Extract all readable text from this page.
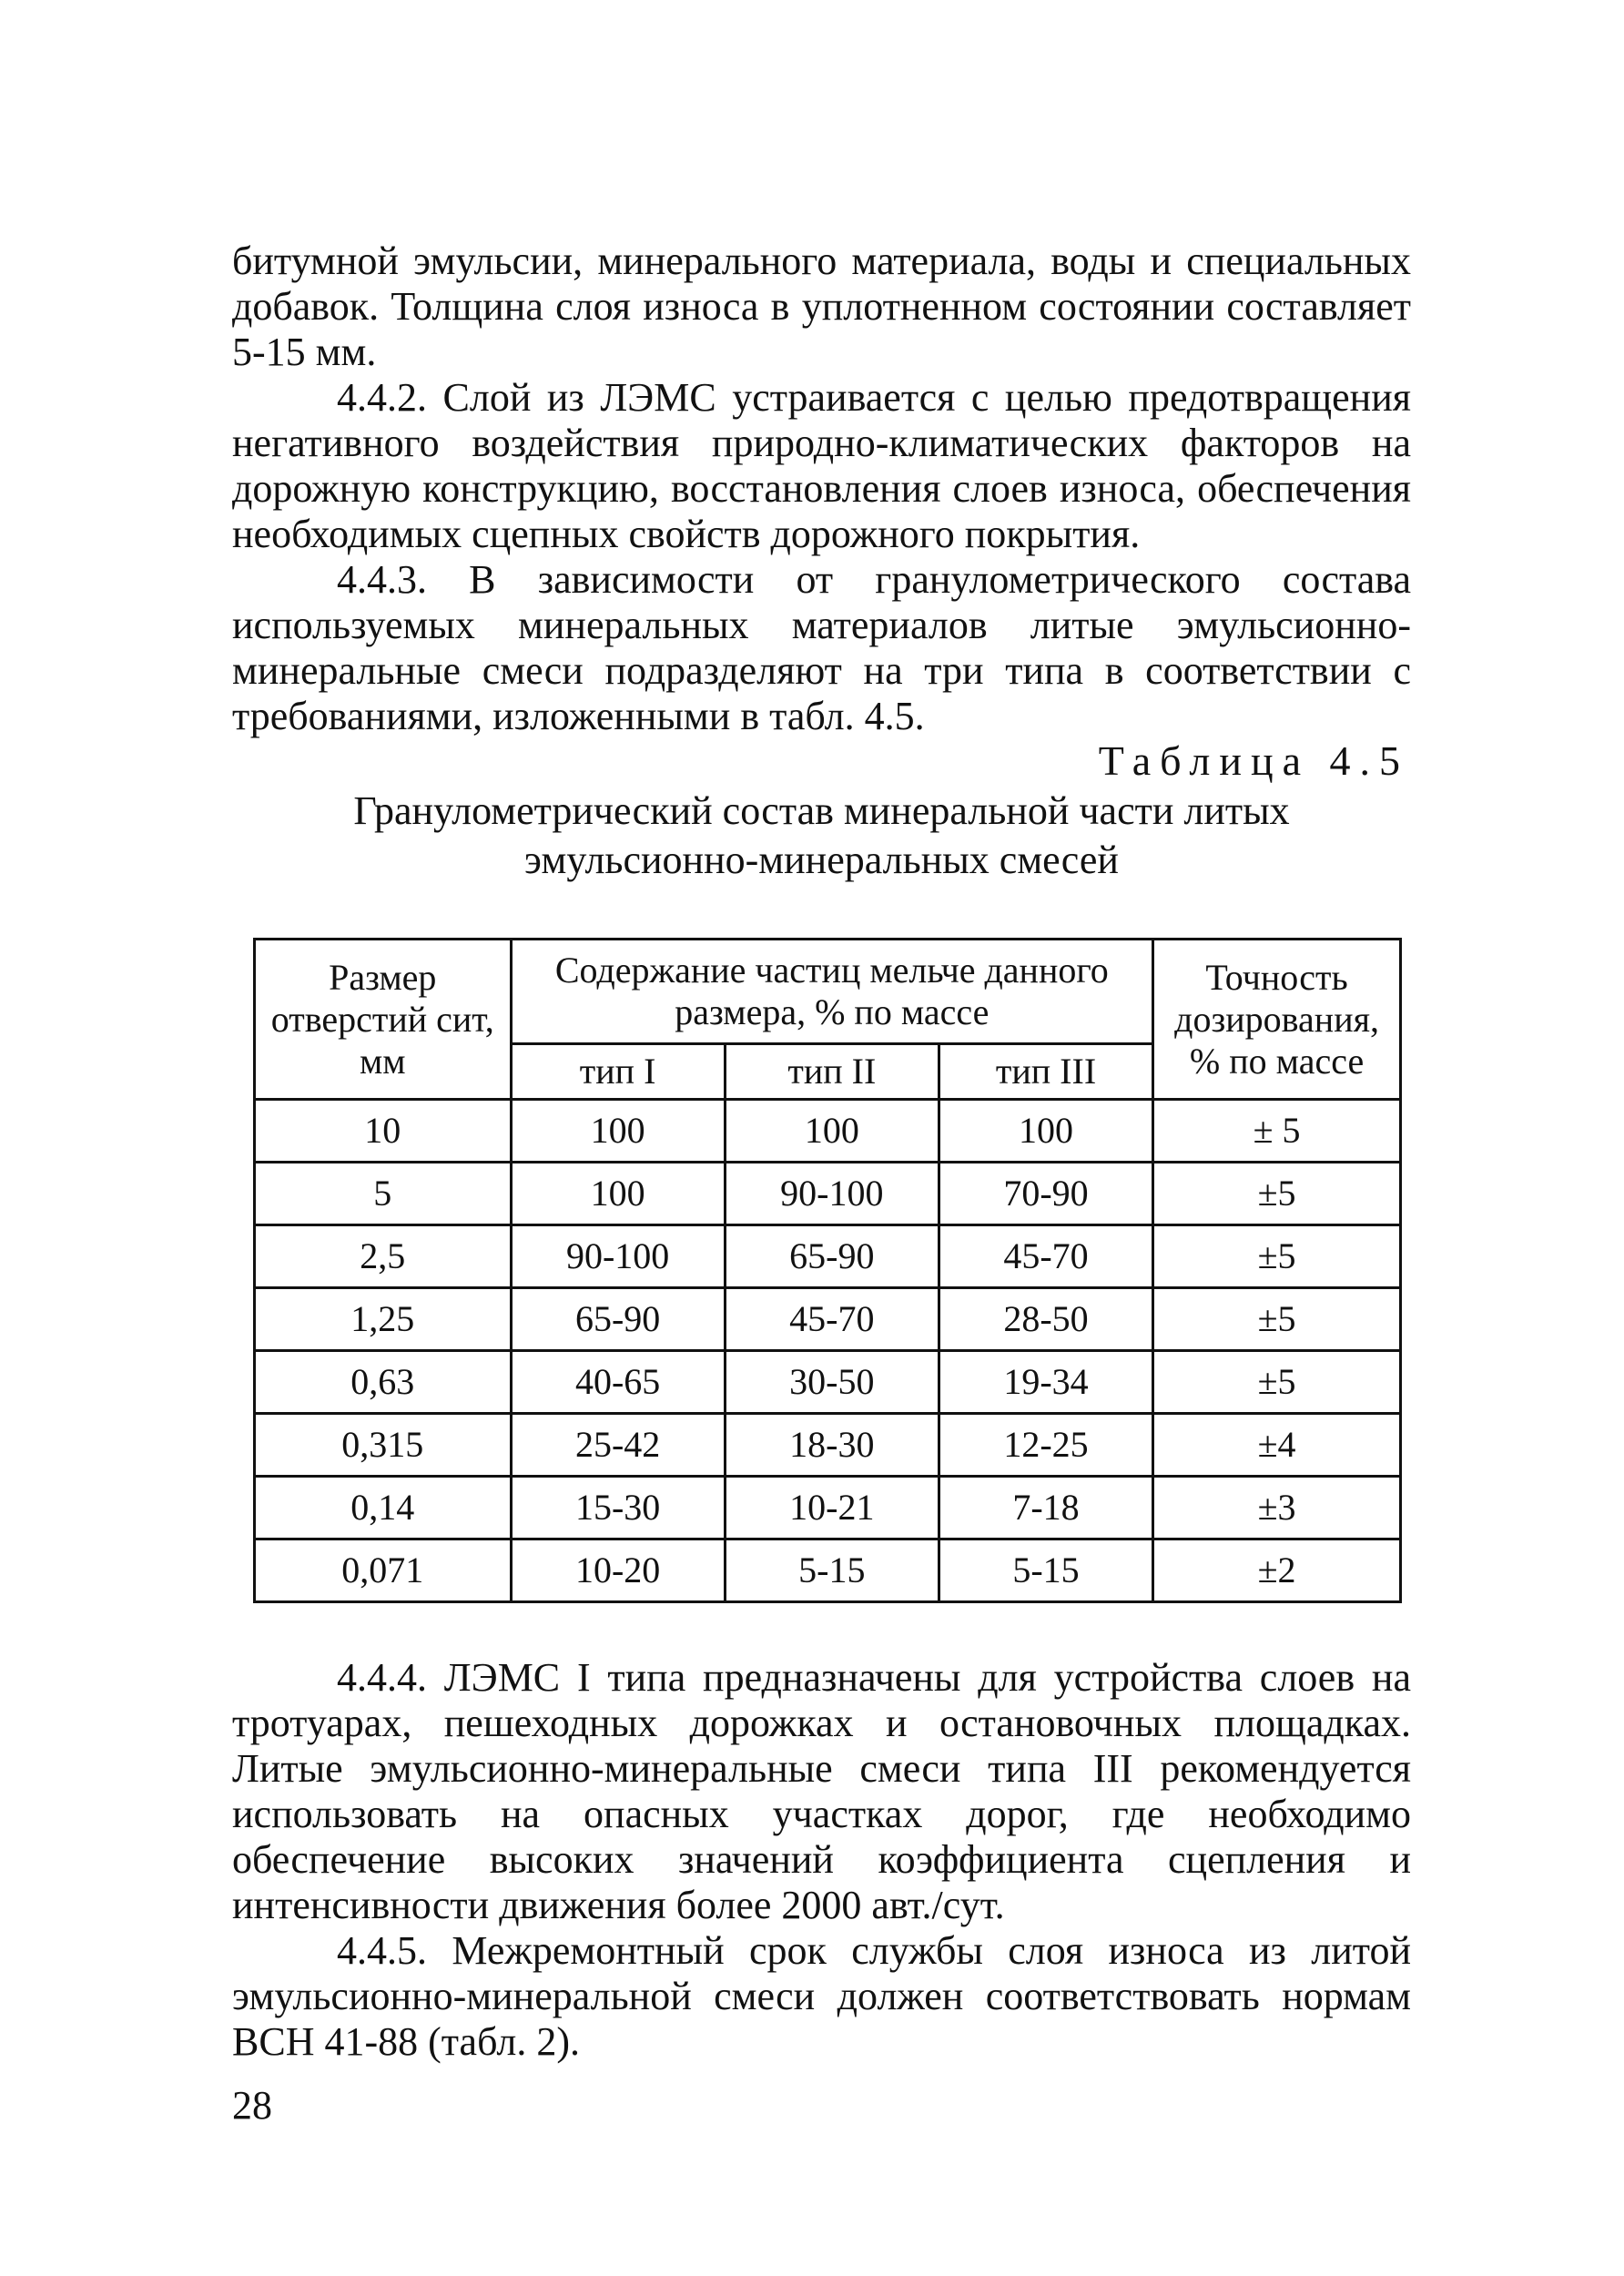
битумной эмульсии, минерального материала, воды и специальных добавок. Толщина слоя износа в уплотненном состоянии составляет 5-15 мм.

4.4.2. Слой из ЛЭМС устраивается с целью предотвращения негативного воздействия природно-климатических факторов на дорожную конструкцию, восстановления слоев износа, обеспечения необходимых сцепных свойств дорожного покрытия.

4.4.3. В зависимости от гранулометрического состава используемых минеральных материалов литые эмульсионно-минеральные смеси подразделяют на три типа в соответствии с требованиями, изложенными в табл. 4.5.

Таблица 4.5
Гранулометрический состав минеральной части литых
эмульсионно-минеральных смесей
Размер отверстий сит, мм	Содержание частиц мельче данного размера, % по массе			Точность дозирования, % по массе
	тип I	тип II	тип III	
10	100	100	100	± 5
5	100	90-100	70-90	±5
2,5	90-100	65-90	45-70	±5
1,25	65-90	45-70	28-50	±5
0,63	40-65	30-50	19-34	±5
0,315	25-42	18-30	12-25	±4
0,14	15-30	10-21	7-18	±3
0,071	10-20	5-15	5-15	±2

4.4.4. ЛЭМС I типа предназначены для устройства слоев на тротуарах, пешеходных дорожках и остановочных площадках. Литые эмульсионно-минеральные смеси типа III рекомендуется использовать на опасных участках дорог, где необходимо обеспечение высоких значений коэффициента сцепления и интенсивности движения более 2000 авт./сут.

4.4.5. Межремонтный срок службы слоя износа из литой эмульсионно-минеральной смеси должен соответствовать нормам ВСН 41-88 (табл. 2).

28
